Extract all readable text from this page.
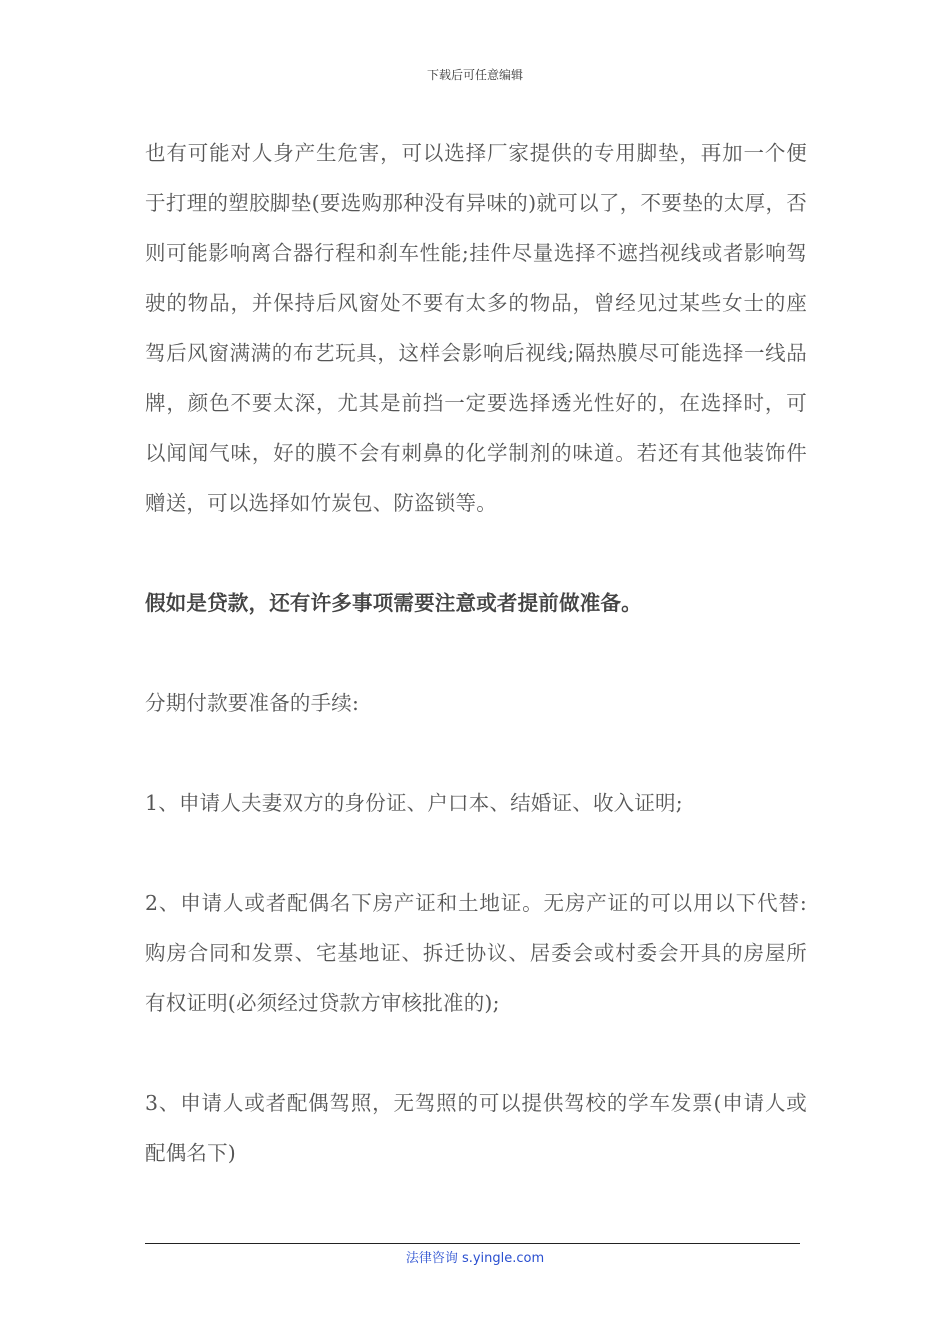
下载后可任意编辑

也有可能对人身产生危害，可以选择厂家提供的专用脚垫，再加一个便于打理的塑胶脚垫(要选购那种没有异味的)就可以了，不要垫的太厚，否则可能影响离合器行程和刹车性能;挂件尽量选择不遮挡视线或者影响驾驶的物品，并保持后风窗处不要有太多的物品，曾经见过某些女士的座驾后风窗满满的布艺玩具，这样会影响后视线;隔热膜尽可能选择一线品牌，颜色不要太深，尤其是前挡一定要选择透光性好的，在选择时，可以闻闻气味，好的膜不会有刺鼻的化学制剂的味道。若还有其他装饰件赠送，可以选择如竹炭包、防盗锁等。

假如是贷款，还有许多事项需要注意或者提前做准备。

分期付款要准备的手续:

1、申请人夫妻双方的身份证、户口本、结婚证、收入证明;

2、申请人或者配偶名下房产证和土地证。无房产证的可以用以下代替:购房合同和发票、宅基地证、拆迁协议、居委会或村委会开具的房屋所有权证明(必须经过贷款方审核批准的);

3、申请人或者配偶驾照，无驾照的可以提供驾校的学车发票(申请人或配偶名下)

法律咨询 s.yingle.com
